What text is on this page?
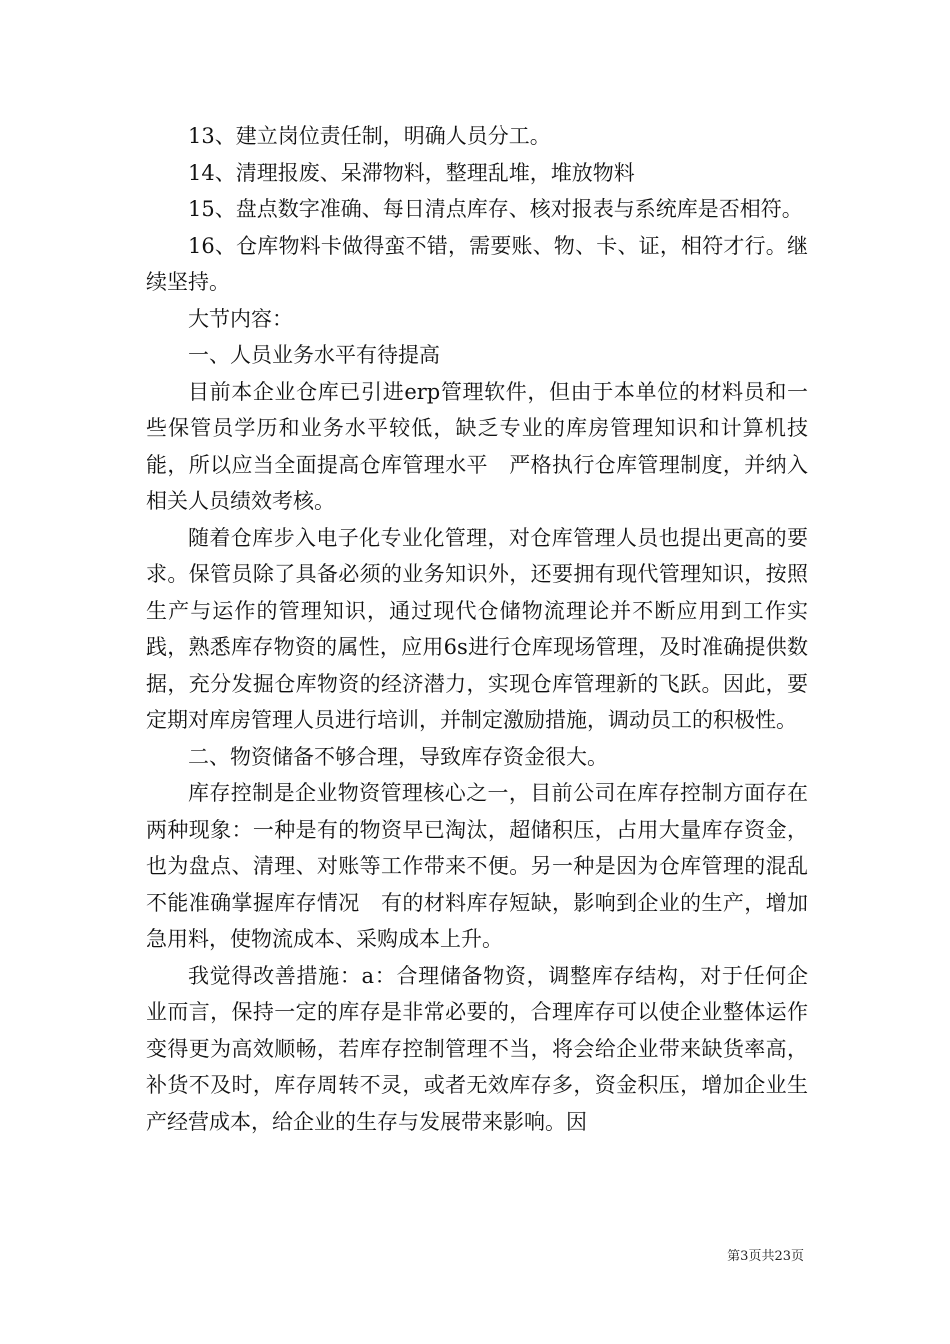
13、建立岗位责任制，明确人员分工。

14、清理报废、呆滞物料，整理乱堆，堆放物料

15、盘点数字准确、每日清点库存、核对报表与系统库是否相符。

16、仓库物料卡做得蛮不错，需要账、物、卡、证，相符才行。继续坚持。

大节内容：

一、人员业务水平有待提高

目前本企业仓库已引进erp管理软件，但由于本单位的材料员和一些保管员学历和业务水平较低，缺乏专业的库房管理知识和计算机技能，所以应当全面提高仓库管理水平　严格执行仓库管理制度，并纳入相关人员绩效考核。

随着仓库步入电子化专业化管理，对仓库管理人员也提出更高的要求。保管员除了具备必须的业务知识外，还要拥有现代管理知识，按照生产与运作的管理知识，通过现代仓储物流理论并不断应用到工作实践，熟悉库存物资的属性，应用6s进行仓库现场管理，及时准确提供数据，充分发掘仓库物资的经济潜力，实现仓库管理新的飞跃。因此，要定期对库房管理人员进行培训，并制定激励措施，调动员工的积极性。

二、物资储备不够合理，导致库存资金很大。

库存控制是企业物资管理核心之一，目前公司在库存控制方面存在两种现象：一种是有的物资早已淘汰，超储积压，占用大量库存资金，也为盘点、清理、对账等工作带来不便。另一种是因为仓库管理的混乱　不能准确掌握库存情况　有的材料库存短缺，影响到企业的生产，增加急用料，使物流成本、采购成本上升。

我觉得改善措施：a：合理储备物资，调整库存结构，对于任何企业而言，保持一定的库存是非常必要的，合理库存可以使企业整体运作变得更为高效顺畅，若库存控制管理不当，将会给企业带来缺货率高，补货不及时，库存周转不灵，或者无效库存多，资金积压，增加企业生产经营成本，给企业的生存与发展带来影响。因

第3页共23页
